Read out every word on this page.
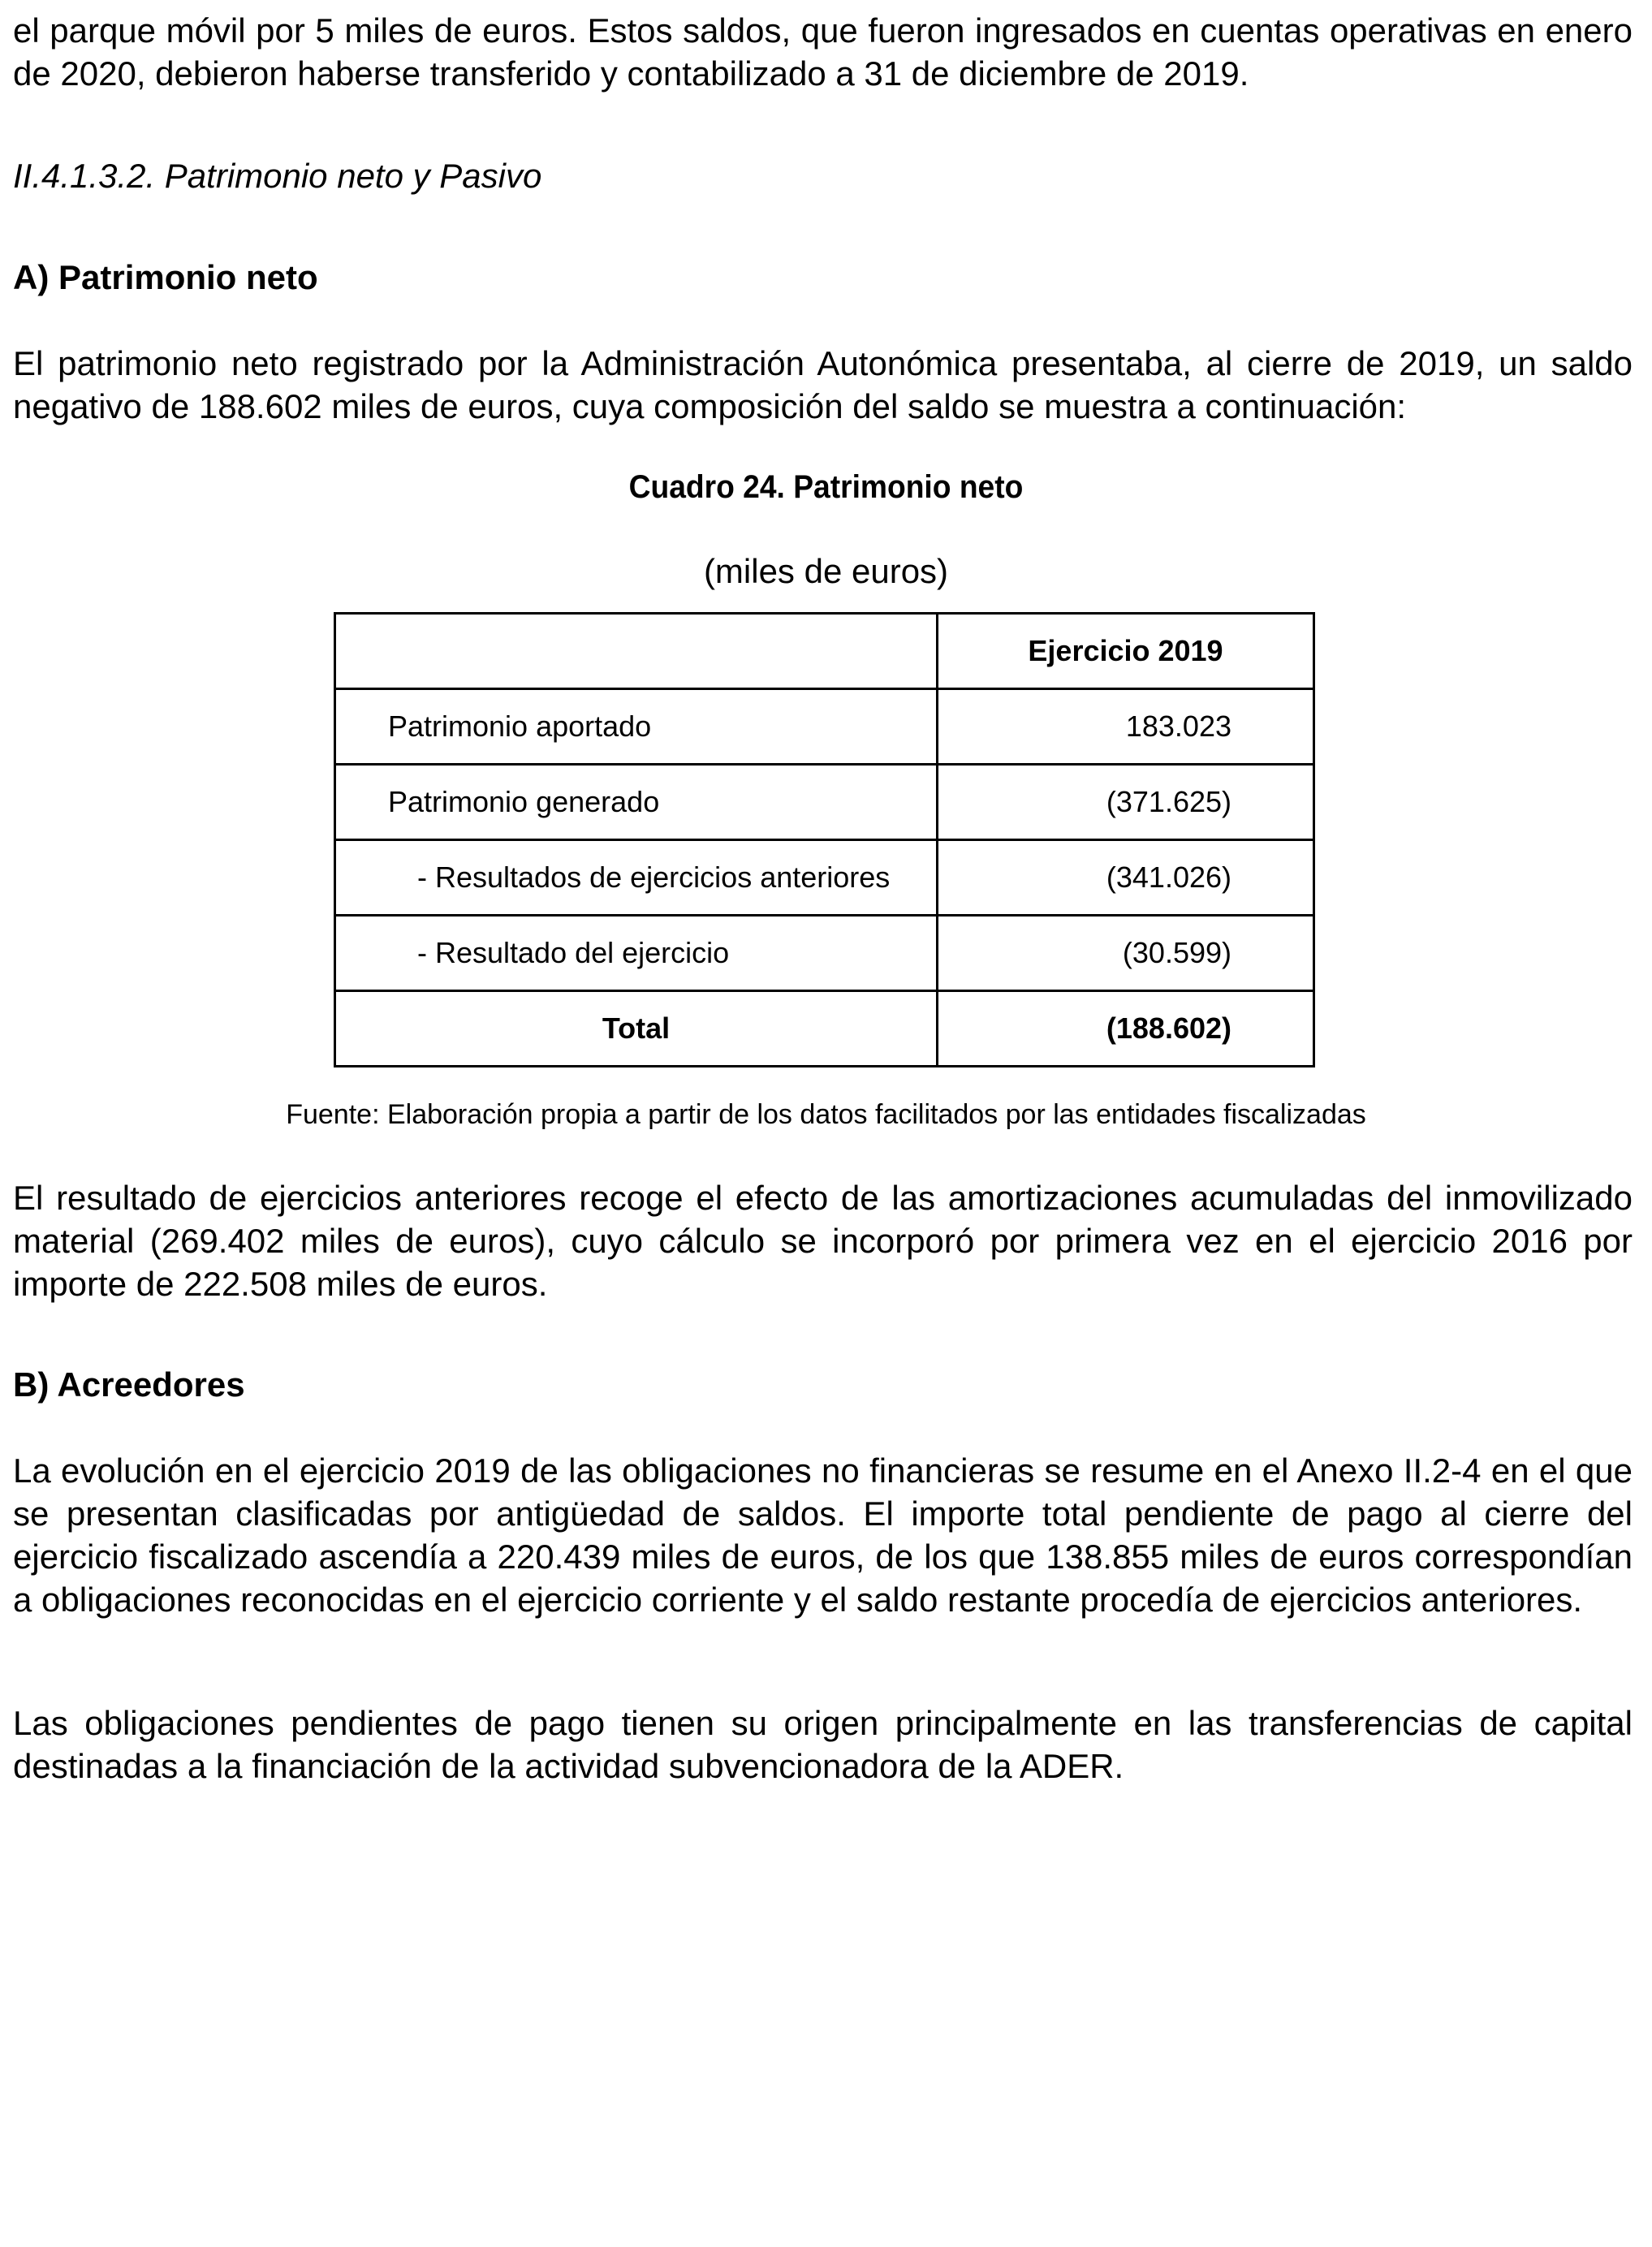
el parque móvil por 5 miles de euros. Estos saldos, que fueron ingresados en cuentas operativas en enero de 2020, debieron haberse transferido y contabilizado a 31 de diciembre de 2019.

II.4.1.3.2. Patrimonio neto y Pasivo

A) Patrimonio neto

El patrimonio neto registrado por la Administración Autonómica presentaba, al cierre de 2019, un saldo negativo de 188.602 miles de euros, cuya composición del saldo se muestra a continuación:

Cuadro 24. Patrimonio neto

(miles de euros)

	Ejercicio 2019
Patrimonio aportado	183.023
Patrimonio generado	(371.625)
- Resultados de ejercicios anteriores	(341.026)
- Resultado del ejercicio	(30.599)
Total	(188.602)

Fuente: Elaboración propia a partir de los datos facilitados por las entidades fiscalizadas

El resultado de ejercicios anteriores recoge el efecto de las amortizaciones acumuladas del inmovilizado material (269.402 miles de euros), cuyo cálculo se incorporó por primera vez en el ejercicio 2016 por importe de 222.508 miles de euros.

B) Acreedores

La evolución en el ejercicio 2019 de las obligaciones no financieras se resume en el Anexo II.2-4 en el que se presentan clasificadas por antigüedad de saldos. El importe total pendiente de pago al cierre del ejercicio fiscalizado ascendía a 220.439 miles de euros, de los que 138.855 miles de euros correspondían a obligaciones reconocidas en el ejercicio corriente y el saldo restante procedía de ejercicios anteriores.

Las obligaciones pendientes de pago tienen su origen principalmente en las transferencias de capital destinadas a la financiación de la actividad subvencionadora de la ADER.
